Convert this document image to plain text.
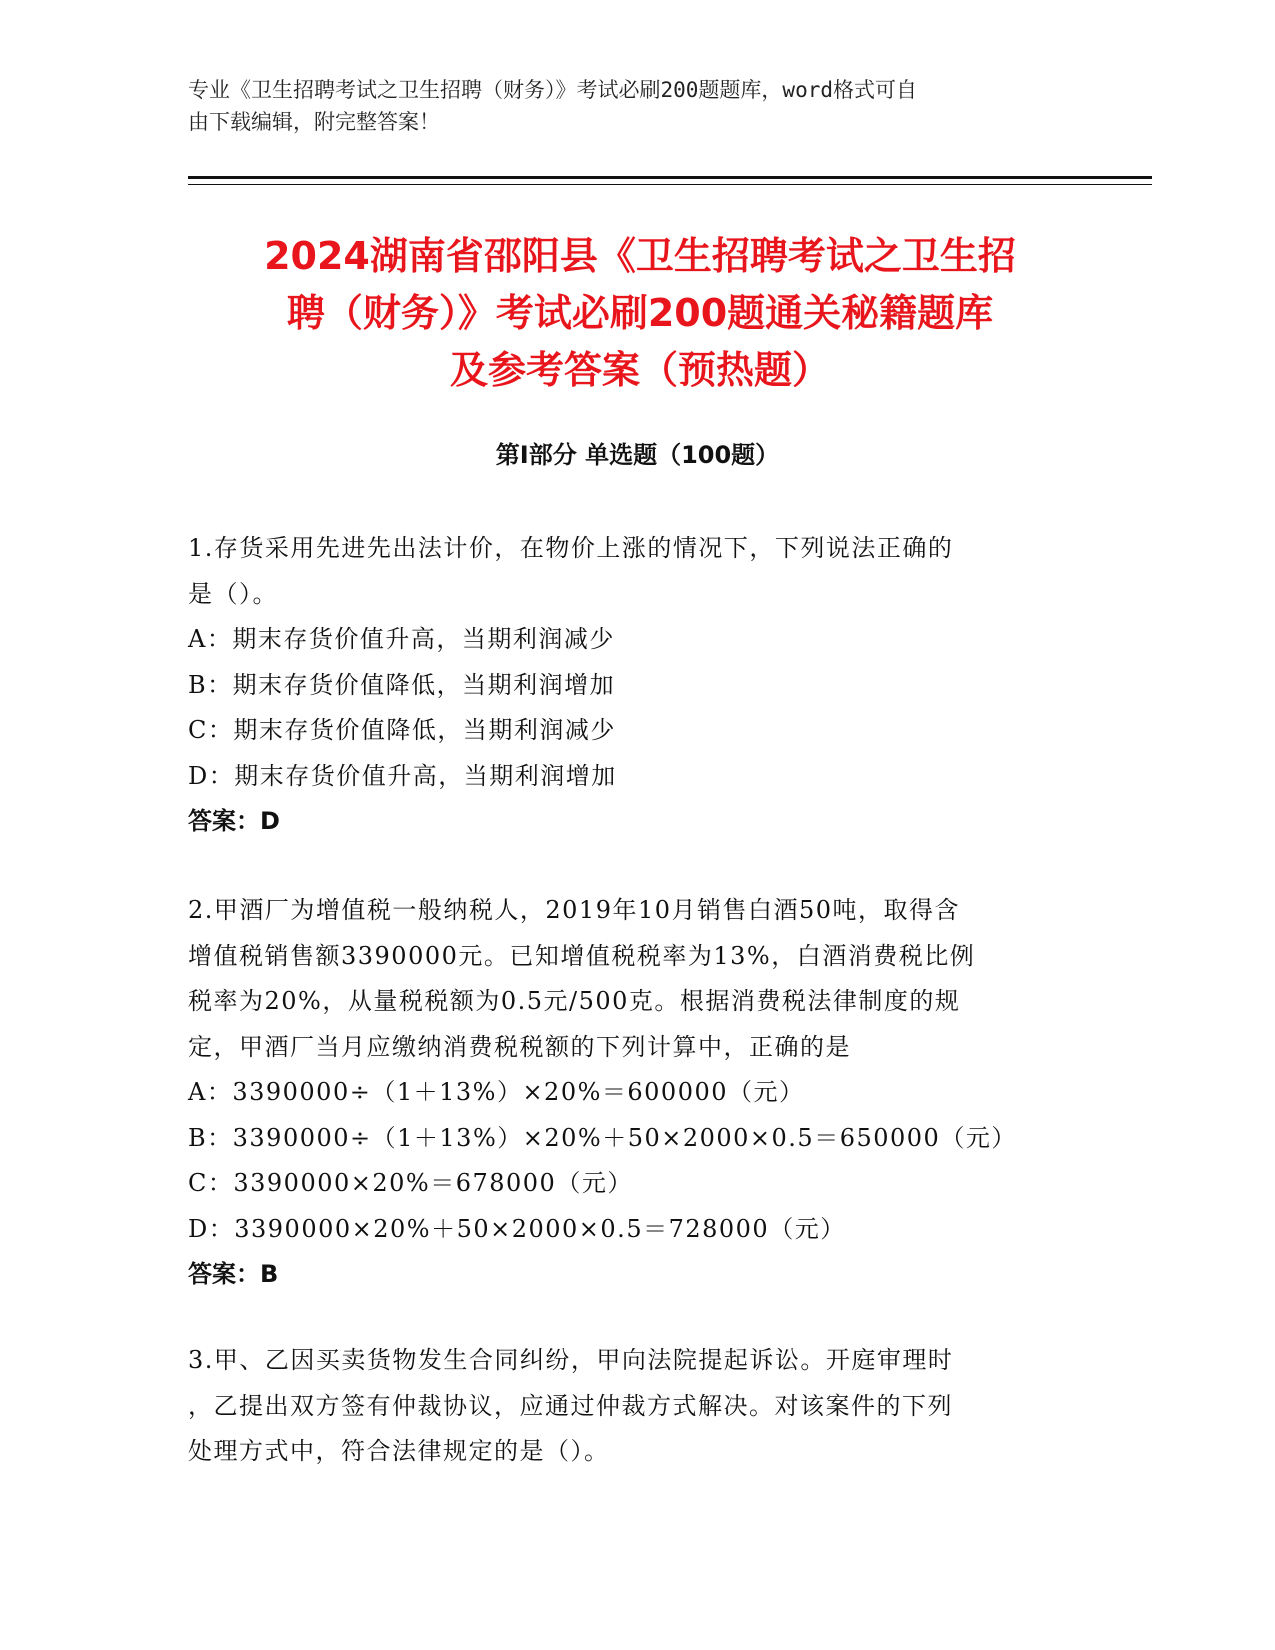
专业《卫生招聘考试之卫生招聘（财务）》考试必刷200题题库，word格式可自
由下载编辑，附完整答案！
2024湖南省邵阳县《卫生招聘考试之卫生招
聘（财务）》考试必刷200题通关秘籍题库
及参考答案（预热题）
第I部分 单选题（100题）
1.存货采用先进先出法计价，在物价上涨的情况下，下列说法正确的
是（）。
A：期末存货价值升高，当期利润减少
B：期末存货价值降低，当期利润增加
C：期末存货价值降低，当期利润减少
D：期末存货价值升高，当期利润增加
答案：D
2.甲酒厂为增值税一般纳税人，2019年10月销售白酒50吨，取得含
增值税销售额3390000元。已知增值税税率为13%，白酒消费税比例
税率为20%，从量税税额为0.5元/500克。根据消费税法律制度的规
定，甲酒厂当月应缴纳消费税税额的下列计算中，正确的是
A：3390000÷（1＋13%）×20%＝600000（元）
B：3390000÷（1＋13%）×20%＋50×2000×0.5＝650000（元）
C：3390000×20%＝678000（元）
D：3390000×20%＋50×2000×0.5＝728000（元）
答案：B
3.甲、乙因买卖货物发生合同纠纷，甲向法院提起诉讼。开庭审理时
，乙提出双方签有仲裁协议，应通过仲裁方式解决。对该案件的下列
处理方式中，符合法律规定的是（）。
